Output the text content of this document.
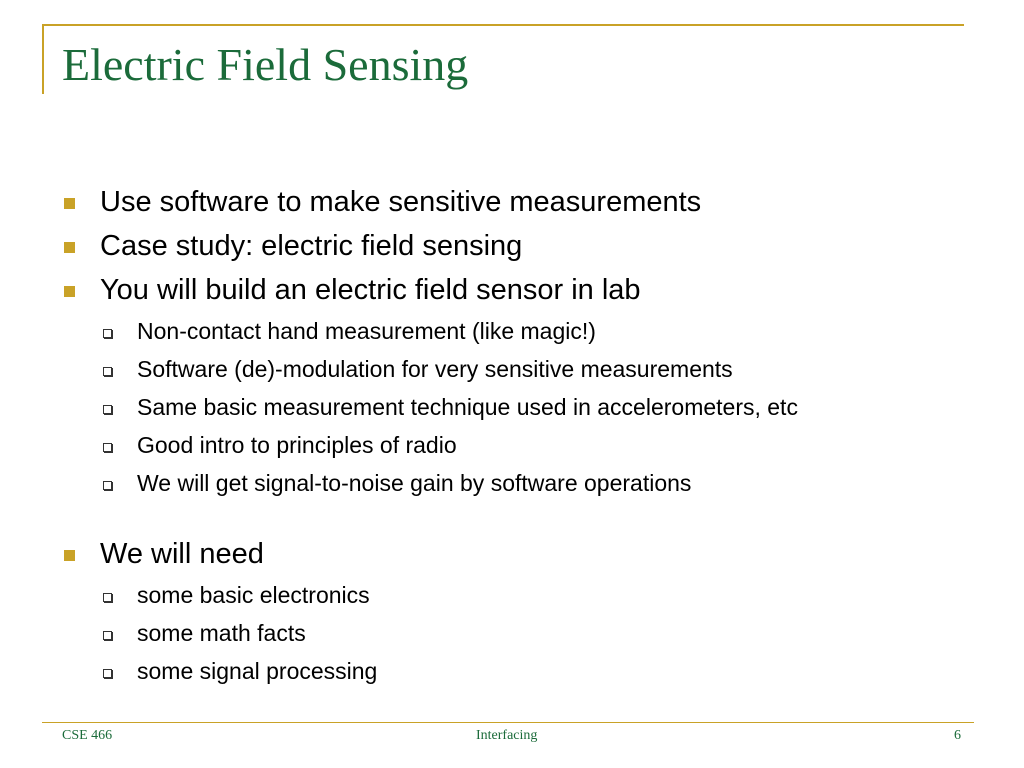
Electric Field Sensing
Use software to make sensitive measurements
Case study: electric field sensing
You will build an electric field sensor in lab
Non-contact hand measurement (like magic!)
Software (de)-modulation for very sensitive measurements
Same basic measurement technique used in accelerometers, etc
Good intro to principles of radio
We will get signal-to-noise gain by software operations
We will need
some basic electronics
some math facts
some signal processing
CSE 466	Interfacing	6
